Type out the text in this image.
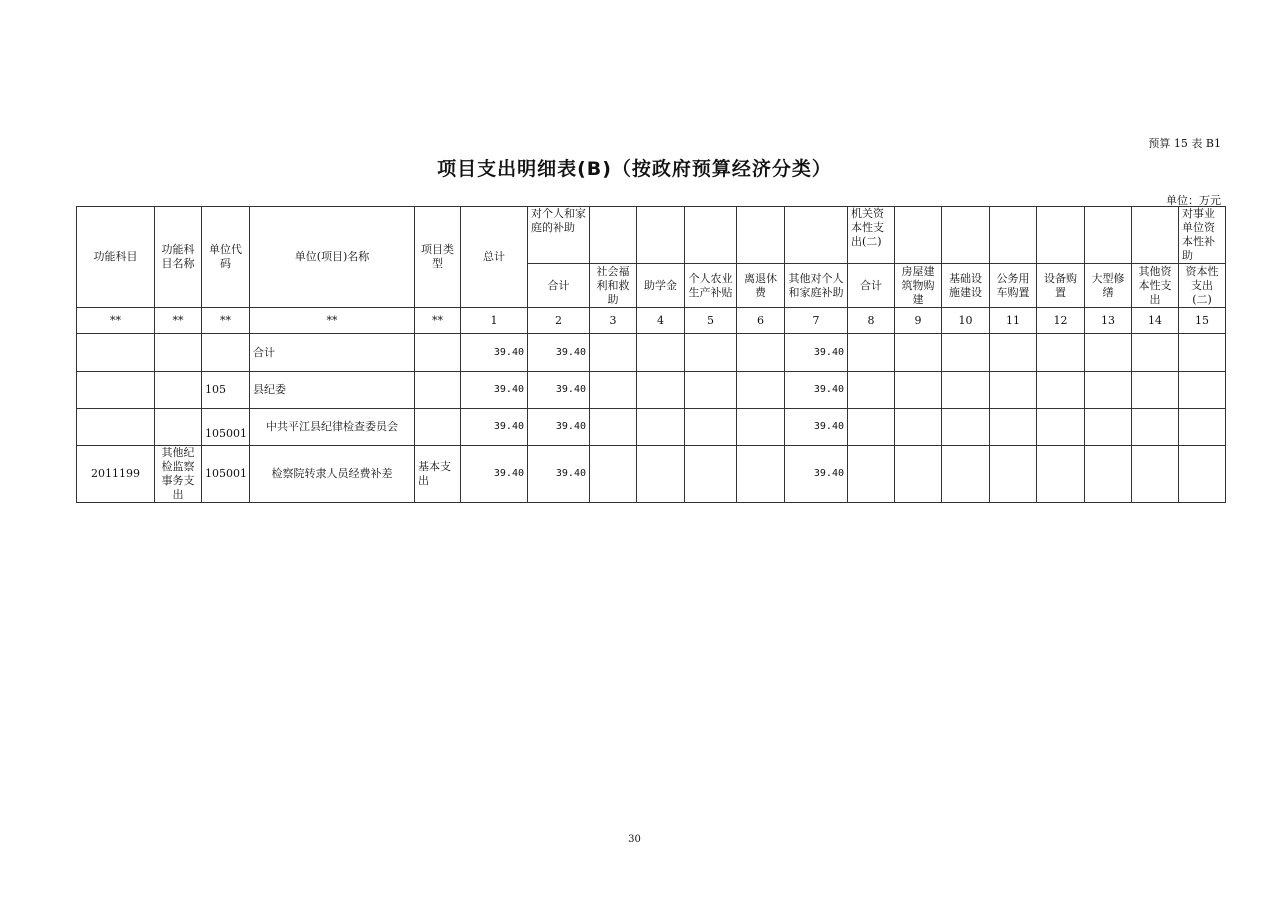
预算 15 表 B1
项目支出明细表(B)（按政府预算经济分类）
单位：万元
功能科目	功能科目名称	单位代码	单位(项目)名称	项目类型	总计	对个人和家庭的补助						机关资本性支出(二)							对事业单位资本性补助
						合计	社会福利和救助	助学金	个人农业生产补贴	离退休费	其他对个人和家庭补助	合计	房屋建筑物购建	基础设施建设	公务用车购置	设备购置	大型修缮	其他资本性支出	资本性支出(二)
**	**	**	**	**	1	2	3	4	5	6	7	8	9	10	11	12	13	14	15
			合计		39.40	39.40					39.40								
		105	县纪委		39.40	39.40					39.40								
		105001	中共平江县纪律检查委员会		39.40	39.40					39.40								
2011199	其他纪检监察事务支出	105001	检察院转隶人员经费补差	基本支出	39.40	39.40					39.40								
30
